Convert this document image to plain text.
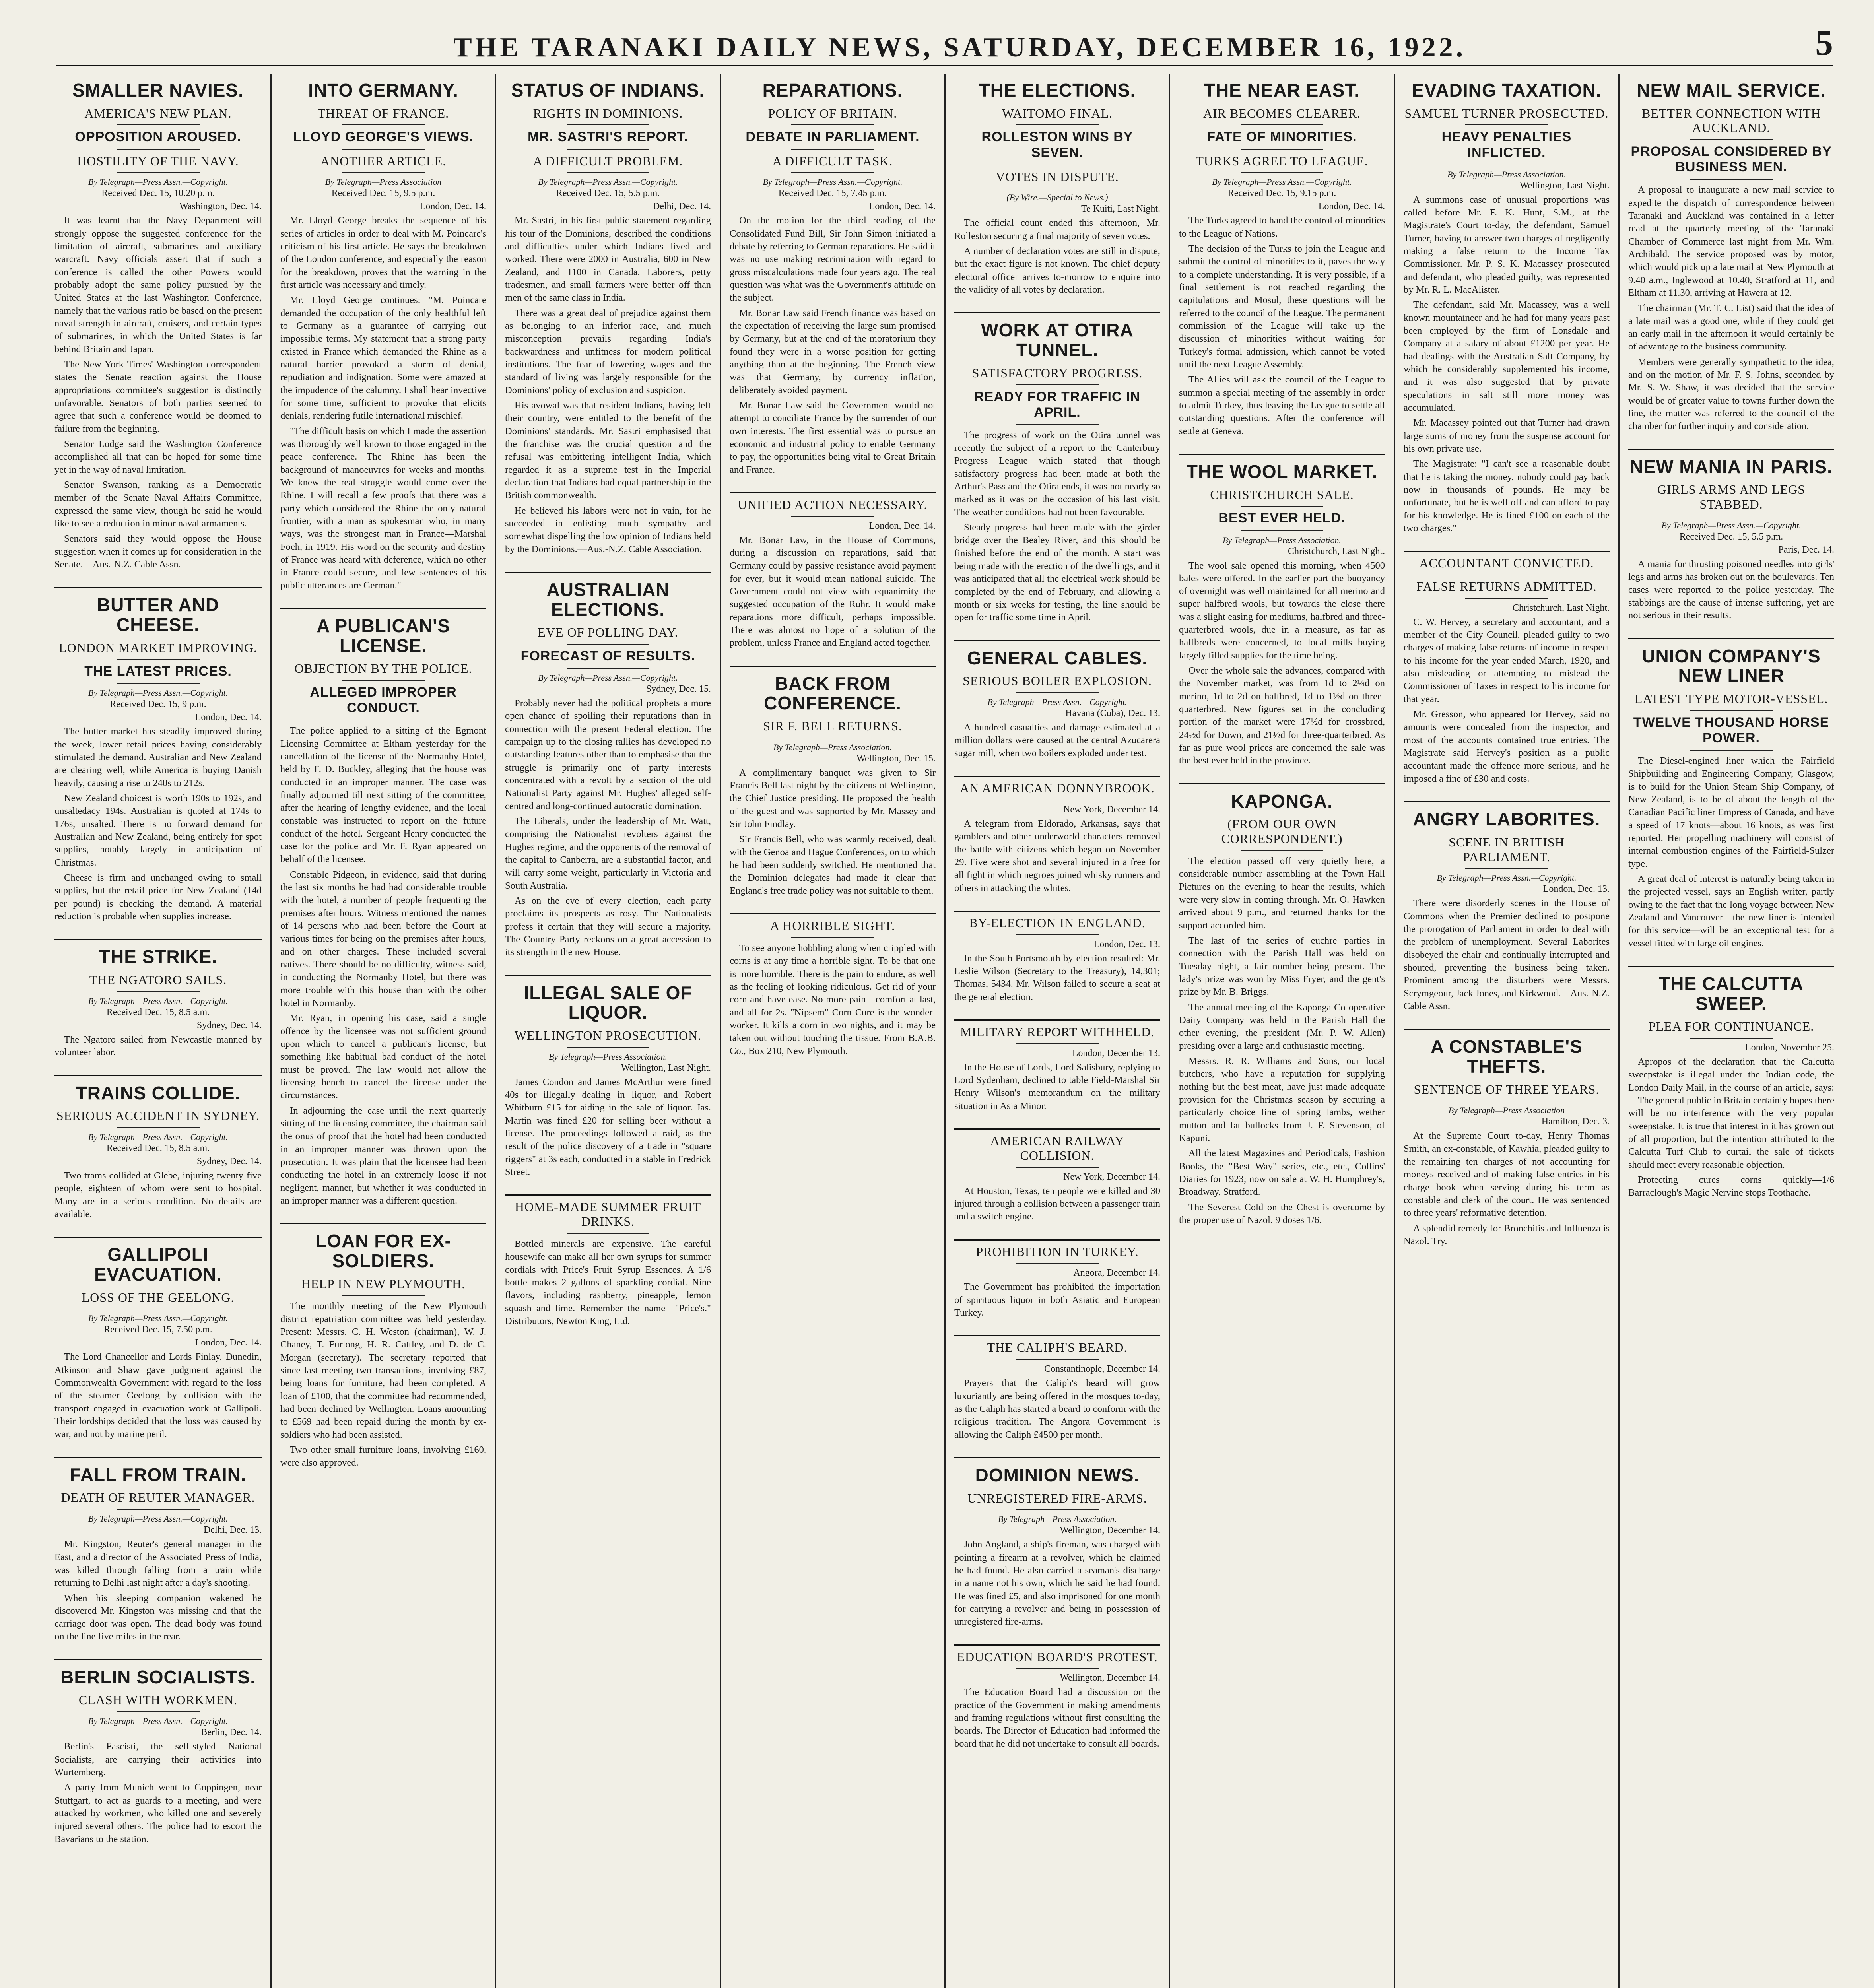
THE TARANAKI DAILY NEWS, SATURDAY, DECEMBER 16, 1922.	5
SMALLER NAVIES.
AMERICA'S NEW PLAN.
OPPOSITION AROUSED.
HOSTILITY OF THE NAVY.
By Telegraph—Press Assn.—Copyright.
Received Dec. 15, 10.20 p.m.
Washington, Dec. 14.

It was learnt that the Navy Department will strongly oppose the suggested conference for the limitation of aircraft, submarines and auxiliary warcraft. Navy officials assert that if such a conference is called the other Powers would probably adopt the same policy pursued by the United States at the last Washington Conference, namely that the various ratio be based on the present naval strength in aircraft, cruisers, and certain types of submarines, in which the United States is far behind Britain and Japan.

The New York Times' Washington correspondent states the Senate reaction against the House appropriations committee's suggestion is distinctly unfavorable. Senators of both parties seemed to agree that such a conference would be doomed to failure from the beginning.

Senator Lodge said the Washington Conference accomplished all that can be hoped for some time yet in the way of naval limitation.

Senator Swanson, ranking as a Democratic member of the Senate Naval Affairs Committee, expressed the same view, though he said he would like to see a reduction in minor naval armaments.

Senators said they would oppose the House suggestion when it comes up for consideration in the Senate.—Aus.-N.Z. Cable Assn.

BUTTER AND CHEESE.
LONDON MARKET IMPROVING.
THE LATEST PRICES.
By Telegraph—Press Assn.—Copyright.
Received Dec. 15, 9 p.m.
London, Dec. 14.

The butter market has steadily improved during the week, lower retail prices having considerably stimulated the demand. Australian and New Zealand are clearing well, while America is buying Danish heavily, causing a rise to 240s to 212s.

New Zealand choicest is worth 190s to 192s, and unsaltedacy 194s. Australian is quoted at 174s to 176s, unsalted. There is no forward demand for Australian and New Zealand, being entirely for spot supplies, notably largely in anticipation of Christmas.

Cheese is firm and unchanged owing to small supplies, but the retail price for New Zealand (14d per pound) is checking the demand. A material reduction is probable when supplies increase.

THE STRIKE.
THE NGATORO SAILS.
By Telegraph—Press Assn.—Copyright.
Received Dec. 15, 8.5 a.m.
Sydney, Dec. 14.

The Ngatoro sailed from Newcastle manned by volunteer labor.

TRAINS COLLIDE.
SERIOUS ACCIDENT IN SYDNEY.
By Telegraph—Press Assn.—Copyright.
Received Dec. 15, 8.5 a.m.
Sydney, Dec. 14.

Two trams collided at Glebe, injuring twenty-five people, eighteen of whom were sent to hospital. Many are in a serious condition. No details are available.

GALLIPOLI EVACUATION.
LOSS OF THE GEELONG.
By Telegraph—Press Assn.—Copyright.
Received Dec. 15, 7.50 p.m.
London, Dec. 14.

The Lord Chancellor and Lords Finlay, Dunedin, Atkinson and Shaw gave judgment against the Commonwealth Government with regard to the loss of the steamer Geelong by collision with the transport engaged in evacuation work at Gallipoli. Their lordships decided that the loss was caused by war, and not by marine peril.

FALL FROM TRAIN.
DEATH OF REUTER MANAGER.
By Telegraph—Press Assn.—Copyright.
Delhi, Dec. 13.

Mr. Kingston, Reuter's general manager in the East, and a director of the Associated Press of India, was killed through falling from a train while returning to Delhi last night after a day's shooting.

When his sleeping companion wakened he discovered Mr. Kingston was missing and that the carriage door was open. The dead body was found on the line five miles in the rear.

BERLIN SOCIALISTS.
CLASH WITH WORKMEN.
By Telegraph—Press Assn.—Copyright.
Berlin, Dec. 14.

Berlin's Fascisti, the self-styled National Socialists, are carrying their activities into Wurtemberg.

A party from Munich went to Goppingen, near Stuttgart, to act as guards to a meeting, and were attacked by workmen, who killed one and severely injured several others. The police had to escort the Bavarians to the station.

INTO GERMANY.
THREAT OF FRANCE.
LLOYD GEORGE'S VIEWS.
ANOTHER ARTICLE.
By Telegraph—Press Association
Received Dec. 15, 9.5 p.m.
London, Dec. 14.

Mr. Lloyd George breaks the sequence of his series of articles in order to deal with M. Poincare's criticism of his first article. He says the breakdown of the London conference, and especially the reason for the breakdown, proves that the warning in the first article was necessary and timely.

Mr. Lloyd George continues: "M. Poincare demanded the occupation of the only healthful left to Germany as a guarantee of carrying out impossible terms. My statement that a strong party existed in France which demanded the Rhine as a natural barrier provoked a storm of denial, repudiation and indignation. Some were amazed at the impudence of the calumny. I shall hear invective for some time, sufficient to provoke that elicits denials, rendering futile international mischief.

"The difficult basis on which I made the assertion was thoroughly well known to those engaged in the peace conference. The Rhine has been the background of manoeuvres for weeks and months. We knew the real struggle would come over the Rhine. I will recall a few proofs that there was a party which considered the Rhine the only natural frontier, with a man as spokesman who, in many ways, was the strongest man in France—Marshal Foch, in 1919. His word on the security and destiny of France was heard with deference, which no other in France could secure, and few sentences of his public utterances are German."

A PUBLICAN'S LICENSE.
OBJECTION BY THE POLICE.
ALLEGED IMPROPER CONDUCT.

The police applied to a sitting of the Egmont Licensing Committee at Eltham yesterday for the cancellation of the license of the Normanby Hotel, held by F. D. Buckley, alleging that the house was conducted in an improper manner. The case was finally adjourned till next sitting of the committee, after the hearing of lengthy evidence, and the local constable was instructed to report on the future conduct of the hotel. Sergeant Henry conducted the case for the police and Mr. F. Ryan appeared on behalf of the licensee.

Constable Pidgeon, in evidence, said that during the last six months he had had considerable trouble with the hotel, a number of people frequenting the premises after hours. Witness mentioned the names of 14 persons who had been before the Court at various times for being on the premises after hours, and on other charges. These included several natives. There should be no difficulty, witness said, in conducting the Normanby Hotel, but there was more trouble with this house than with the other hotel in Normanby.

Mr. Ryan, in opening his case, said a single offence by the licensee was not sufficient ground upon which to cancel a publican's license, but something like habitual bad conduct of the hotel must be proved. The law would not allow the licensing bench to cancel the license under the circumstances.

In adjourning the case until the next quarterly sitting of the licensing committee, the chairman said the onus of proof that the hotel had been conducted in an improper manner was thrown upon the prosecution. It was plain that the licensee had been conducting the hotel in an extremely loose if not negligent, manner, but whether it was conducted in an improper manner was a different question.

LOAN FOR EX-SOLDIERS.
HELP IN NEW PLYMOUTH.

The monthly meeting of the New Plymouth district repatriation committee was held yesterday. Present: Messrs. C. H. Weston (chairman), W. J. Chaney, T. Furlong, H. R. Cattley, and D. de C. Morgan (secretary). The secretary reported that since last meeting two transactions, involving £87, being loans for furniture, had been completed. A loan of £100, that the committee had recommended, had been declined by Wellington. Loans amounting to £569 had been repaid during the month by ex-soldiers who had been assisted.

Two other small furniture loans, involving £160, were also approved.

STATUS OF INDIANS.
RIGHTS IN DOMINIONS.
MR. SASTRI'S REPORT.
A DIFFICULT PROBLEM.
By Telegraph—Press Assn.—Copyright.
Received Dec. 15, 5.5 p.m.
Delhi, Dec. 14.

Mr. Sastri, in his first public statement regarding his tour of the Dominions, described the conditions and difficulties under which Indians lived and worked. There were 2000 in Australia, 600 in New Zealand, and 1100 in Canada. Laborers, petty tradesmen, and small farmers were better off than men of the same class in India.

There was a great deal of prejudice against them as belonging to an inferior race, and much misconception prevails regarding India's backwardness and unfitness for modern political institutions. The fear of lowering wages and the standard of living was largely responsible for the Dominions' policy of exclusion and suspicion.

His avowal was that resident Indians, having left their country, were entitled to the benefit of the Dominions' standards. Mr. Sastri emphasised that the franchise was the crucial question and the refusal was embittering intelligent India, which regarded it as a supreme test in the Imperial declaration that Indians had equal partnership in the British commonwealth.

He believed his labors were not in vain, for he succeeded in enlisting much sympathy and somewhat dispelling the low opinion of Indians held by the Dominions.—Aus.-N.Z. Cable Association.

AUSTRALIAN ELECTIONS.
EVE OF POLLING DAY.
FORECAST OF RESULTS.
By Telegraph—Press Assn.—Copyright.
Sydney, Dec. 15.

Probably never had the political prophets a more open chance of spoiling their reputations than in connection with the present Federal election. The campaign up to the closing rallies has developed no outstanding features other than to emphasise that the struggle is primarily one of party interests concentrated with a revolt by a section of the old Nationalist Party against Mr. Hughes' alleged self-centred and long-continued autocratic domination.

The Liberals, under the leadership of Mr. Watt, comprising the Nationalist revolters against the Hughes regime, and the opponents of the removal of the capital to Canberra, are a substantial factor, and will carry some weight, particularly in Victoria and South Australia.

As on the eve of every election, each party proclaims its prospects as rosy. The Nationalists profess it certain that they will secure a majority. The Country Party reckons on a great accession to its strength in the new House.

ILLEGAL SALE OF LIQUOR.
WELLINGTON PROSECUTION.
By Telegraph—Press Association.
Wellington, Last Night.

James Condon and James McArthur were fined 40s for illegally dealing in liquor, and Robert Whitburn £15 for aiding in the sale of liquor. Jas. Martin was fined £20 for selling beer without a license. The proceedings followed a raid, as the result of the police discovery of a trade in "square riggers" at 3s each, conducted in a stable in Fredrick Street.

HOME-MADE SUMMER FRUIT DRINKS.

Bottled minerals are expensive. The careful housewife can make all her own syrups for summer cordials with Price's Fruit Syrup Essences. A 1/6 bottle makes 2 gallons of sparkling cordial. Nine flavors, including raspberry, pineapple, lemon squash and lime. Remember the name—"Price's." Distributors, Newton King, Ltd.

REPARATIONS.
POLICY OF BRITAIN.
DEBATE IN PARLIAMENT.
A DIFFICULT TASK.
By Telegraph—Press Assn.—Copyright.
Received Dec. 15, 7.45 p.m.
London, Dec. 14.

On the motion for the third reading of the Consolidated Fund Bill, Sir John Simon initiated a debate by referring to German reparations. He said it was no use making recrimination with regard to gross miscalculations made four years ago. The real question was what was the Government's attitude on the subject.

Mr. Bonar Law said French finance was based on the expectation of receiving the large sum promised by Germany, but at the end of the moratorium they found they were in a worse position for getting anything than at the beginning. The French view was that Germany, by currency inflation, deliberately avoided payment.

Mr. Bonar Law said the Government would not attempt to conciliate France by the surrender of our own interests. The first essential was to pursue an economic and industrial policy to enable Germany to pay, the opportunities being vital to Great Britain and France.

UNIFIED ACTION NECESSARY.
London, Dec. 14.

Mr. Bonar Law, in the House of Commons, during a discussion on reparations, said that Germany could by passive resistance avoid payment for ever, but it would mean national suicide. The Government could not view with equanimity the suggested occupation of the Ruhr. It would make reparations more difficult, perhaps impossible. There was almost no hope of a solution of the problem, unless France and England acted together.

BACK FROM CONFERENCE.
SIR F. BELL RETURNS.
By Telegraph—Press Association.
Wellington, Dec. 15.

A complimentary banquet was given to Sir Francis Bell last night by the citizens of Wellington, the Chief Justice presiding. He proposed the health of the guest and was supported by Mr. Massey and Sir John Findlay.

Sir Francis Bell, who was warmly received, dealt with the Genoa and Hague Conferences, on to which he had been suddenly switched. He mentioned that the Dominion delegates had made it clear that England's free trade policy was not suitable to them.

A HORRIBLE SIGHT.

To see anyone hobbling along when crippled with corns is at any time a horrible sight. To be that one is more horrible. There is the pain to endure, as well as the feeling of looking ridiculous. Get rid of your corn and have ease. No more pain—comfort at last, and all for 2s. "Nipsem" Corn Cure is the wonder-worker. It kills a corn in two nights, and it may be taken out without touching the tissue. From B.A.B. Co., Box 210, New Plymouth.

THE ELECTIONS.
WAITOMO FINAL.
ROLLESTON WINS BY SEVEN.
VOTES IN DISPUTE.
(By Wire.—Special to News.)
Te Kuiti, Last Night.

The official count ended this afternoon, Mr. Rolleston securing a final majority of seven votes.

A number of declaration votes are still in dispute, but the exact figure is not known. The chief deputy electoral officer arrives to-morrow to enquire into the validity of all votes by declaration.

WORK AT OTIRA TUNNEL.
SATISFACTORY PROGRESS.
READY FOR TRAFFIC IN APRIL.

The progress of work on the Otira tunnel was recently the subject of a report to the Canterbury Progress League which stated that though satisfactory progress had been made at both the Arthur's Pass and the Otira ends, it was not nearly so marked as it was on the occasion of his last visit. The weather conditions had not been favourable.

Steady progress had been made with the girder bridge over the Bealey River, and this should be finished before the end of the month. A start was being made with the erection of the dwellings, and it was anticipated that all the electrical work should be completed by the end of February, and allowing a month or six weeks for testing, the line should be open for traffic some time in April.

GENERAL CABLES.
SERIOUS BOILER EXPLOSION.
By Telegraph—Press Assn.—Copyright.
Havana (Cuba), Dec. 13.

A hundred casualties and damage estimated at a million dollars were caused at the central Azucarera sugar mill, when two boilers exploded under test.

AN AMERICAN DONNYBROOK.
New York, December 14.

A telegram from Eldorado, Arkansas, says that gamblers and other underworld characters removed the battle with citizens which began on November 29. Five were shot and several injured in a free for all fight in which negroes joined whisky runners and others in attacking the whites.

BY-ELECTION IN ENGLAND.
London, Dec. 13.

In the South Portsmouth by-election resulted: Mr. Leslie Wilson (Secretary to the Treasury), 14,301; Thomas, 5434. Mr. Wilson failed to secure a seat at the general election.

MILITARY REPORT WITHHELD.
London, December 13.

In the House of Lords, Lord Salisbury, replying to Lord Sydenham, declined to table Field-Marshal Sir Henry Wilson's memorandum on the military situation in Asia Minor.

AMERICAN RAILWAY COLLISION.
New York, December 14.

At Houston, Texas, ten people were killed and 30 injured through a collision between a passenger train and a switch engine.

PROHIBITION IN TURKEY.
Angora, December 14.

The Government has prohibited the importation of spirituous liquor in both Asiatic and European Turkey.

THE CALIPH'S BEARD.
Constantinople, December 14.

Prayers that the Caliph's beard will grow luxuriantly are being offered in the mosques to-day, as the Caliph has started a beard to conform with the religious tradition. The Angora Government is allowing the Caliph £4500 per month.

DOMINION NEWS.
UNREGISTERED FIRE-ARMS.
By Telegraph—Press Association.
Wellington, December 14.

John Angland, a ship's fireman, was charged with pointing a firearm at a revolver, which he claimed he had found. He also carried a seaman's discharge in a name not his own, which he said he had found. He was fined £5, and also imprisoned for one month for carrying a revolver and being in possession of unregistered fire-arms.

EDUCATION BOARD'S PROTEST.
Wellington, December 14.

The Education Board had a discussion on the practice of the Government in making amendments and framing regulations without first consulting the boards. The Director of Education had informed the board that he did not undertake to consult all boards.

THE NEAR EAST.
AIR BECOMES CLEARER.
FATE OF MINORITIES.
TURKS AGREE TO LEAGUE.
By Telegraph—Press Assn.—Copyright.
Received Dec. 15, 9.15 p.m.
London, Dec. 14.

The Turks agreed to hand the control of minorities to the League of Nations.

The decision of the Turks to join the League and submit the control of minorities to it, paves the way to a complete understanding. It is very possible, if a final settlement is not reached regarding the capitulations and Mosul, these questions will be referred to the council of the League. The permanent commission of the League will take up the discussion of minorities without waiting for Turkey's formal admission, which cannot be voted until the next League Assembly.

The Allies will ask the council of the League to summon a special meeting of the assembly in order to admit Turkey, thus leaving the League to settle all outstanding questions. After the conference will settle at Geneva.

THE WOOL MARKET.
CHRISTCHURCH SALE.
BEST EVER HELD.
By Telegraph—Press Association.
Christchurch, Last Night.

The wool sale opened this morning, when 4500 bales were offered. In the earlier part the buoyancy of overnight was well maintained for all merino and super halfbred wools, but towards the close there was a slight easing for mediums, halfbred and three-quarterbred wools, due in a measure, as far as halfbreds were concerned, to local mills buying largely filled supplies for the time being.

Over the whole sale the advances, compared with the November market, was from 1d to 2¼d on merino, 1d to 2d on halfbred, 1d to 1½d on three-quarterbred. New figures set in the concluding portion of the market were 17½d for crossbred, 24½d for Down, and 21½d for three-quarterbred. As far as pure wool prices are concerned the sale was the best ever held in the province.

KAPONGA.
(FROM OUR OWN CORRESPONDENT.)

The election passed off very quietly here, a considerable number assembling at the Town Hall Pictures on the evening to hear the results, which were very slow in coming through. Mr. O. Hawken arrived about 9 p.m., and returned thanks for the support accorded him.

The last of the series of euchre parties in connection with the Parish Hall was held on Tuesday night, a fair number being present. The lady's prize was won by Miss Fryer, and the gent's prize by Mr. B. Briggs.

The annual meeting of the Kaponga Co-operative Dairy Company was held in the Parish Hall the other evening, the president (Mr. P. W. Allen) presiding over a large and enthusiastic meeting.

Messrs. R. R. Williams and Sons, our local butchers, who have a reputation for supplying nothing but the best meat, have just made adequate provision for the Christmas season by securing a particularly choice line of spring lambs, wether mutton and fat bullocks from J. F. Stevenson, of Kapuni.

All the latest Magazines and Periodicals, Fashion Books, the "Best Way" series, etc., etc., Collins' Diaries for 1923; now on sale at W. H. Humphrey's, Broadway, Stratford.

The Severest Cold on the Chest is overcome by the proper use of Nazol. 9 doses 1/6.

EVADING TAXATION.
SAMUEL TURNER PROSECUTED.
HEAVY PENALTIES INFLICTED.
By Telegraph—Press Association.
Wellington, Last Night.

A summons case of unusual proportions was called before Mr. F. K. Hunt, S.M., at the Magistrate's Court to-day, the defendant, Samuel Turner, having to answer two charges of negligently making a false return to the Income Tax Commissioner. Mr. P. S. K. Macassey prosecuted and defendant, who pleaded guilty, was represented by Mr. R. L. MacAlister.

The defendant, said Mr. Macassey, was a well known mountaineer and he had for many years past been employed by the firm of Lonsdale and Company at a salary of about £1200 per year. He had dealings with the Australian Salt Company, by which he considerably supplemented his income, and it was also suggested that by private speculations in salt still more money was accumulated.

Mr. Macassey pointed out that Turner had drawn large sums of money from the suspense account for his own private use.

The Magistrate: "I can't see a reasonable doubt that he is taking the money, nobody could pay back now in thousands of pounds. He may be unfortunate, but he is well off and can afford to pay for his knowledge. He is fined £100 on each of the two charges."

ACCOUNTANT CONVICTED.
FALSE RETURNS ADMITTED.
Christchurch, Last Night.

C. W. Hervey, a secretary and accountant, and a member of the City Council, pleaded guilty to two charges of making false returns of income in respect to his income for the year ended March, 1920, and also misleading or attempting to mislead the Commissioner of Taxes in respect to his income for that year.

Mr. Gresson, who appeared for Hervey, said no amounts were concealed from the inspector, and most of the accounts contained true entries. The Magistrate said Hervey's position as a public accountant made the offence more serious, and he imposed a fine of £30 and costs.

ANGRY LABORITES.
SCENE IN BRITISH PARLIAMENT.
By Telegraph—Press Assn.—Copyright.
London, Dec. 13.

There were disorderly scenes in the House of Commons when the Premier declined to postpone the prorogation of Parliament in order to deal with the problem of unemployment. Several Laborites disobeyed the chair and continually interrupted and shouted, preventing the business being taken. Prominent among the disturbers were Messrs. Scrymgeour, Jack Jones, and Kirkwood.—Aus.-N.Z. Cable Assn.

A CONSTABLE'S THEFTS.
SENTENCE OF THREE YEARS.
By Telegraph—Press Association
Hamilton, Dec. 3.

At the Supreme Court to-day, Henry Thomas Smith, an ex-constable, of Kawhia, pleaded guilty to the remaining ten charges of not accounting for moneys received and of making false entries in his charge book when serving during his term as constable and clerk of the court. He was sentenced to three years' reformative detention.

A splendid remedy for Bronchitis and Influenza is Nazol. Try.

NEW MAIL SERVICE.
BETTER CONNECTION WITH AUCKLAND.
PROPOSAL CONSIDERED BY BUSINESS MEN.

A proposal to inaugurate a new mail service to expedite the dispatch of correspondence between Taranaki and Auckland was contained in a letter read at the quarterly meeting of the Taranaki Chamber of Commerce last night from Mr. Wm. Archibald. The service proposed was by motor, which would pick up a late mail at New Plymouth at 9.40 a.m., Inglewood at 10.40, Stratford at 11, and Eltham at 11.30, arriving at Hawera at 12.

The chairman (Mr. T. C. List) said that the idea of a late mail was a good one, while if they could get an early mail in the afternoon it would certainly be of advantage to the business community.

Members were generally sympathetic to the idea, and on the motion of Mr. F. S. Johns, seconded by Mr. S. W. Shaw, it was decided that the service would be of greater value to towns further down the line, the matter was referred to the council of the chamber for further inquiry and consideration.

NEW MANIA IN PARIS.
GIRLS ARMS AND LEGS STABBED.
By Telegraph—Press Assn.—Copyright.
Received Dec. 15, 5.5 p.m.
Paris, Dec. 14.

A mania for thrusting poisoned needles into girls' legs and arms has broken out on the boulevards. Ten cases were reported to the police yesterday. The stabbings are the cause of intense suffering, yet are not serious in their results.

UNION COMPANY'S NEW LINER
LATEST TYPE MOTOR-VESSEL.
TWELVE THOUSAND HORSE POWER.

The Diesel-engined liner which the Fairfield Shipbuilding and Engineering Company, Glasgow, is to build for the Union Steam Ship Company, of New Zealand, is to be of about the length of the Canadian Pacific liner Empress of Canada, and have a speed of 17 knots—about 16 knots, as was first reported. Her propelling machinery will consist of internal combustion engines of the Fairfield-Sulzer type.

A great deal of interest is naturally being taken in the projected vessel, says an English writer, partly owing to the fact that the long voyage between New Zealand and Vancouver—the new liner is intended for this service—will be an exceptional test for a vessel fitted with large oil engines.

THE CALCUTTA SWEEP.
PLEA FOR CONTINUANCE.
London, November 25.

Apropos of the declaration that the Calcutta sweepstake is illegal under the Indian code, the London Daily Mail, in the course of an article, says:—The general public in Britain certainly hopes there will be no interference with the very popular sweepstake. It is true that interest in it has grown out of all proportion, but the intention attributed to the Calcutta Turf Club to curtail the sale of tickets should meet every reasonable objection.

Protecting cures corns quickly—1/6 Barraclough's Magic Nervine stops Toothache.
